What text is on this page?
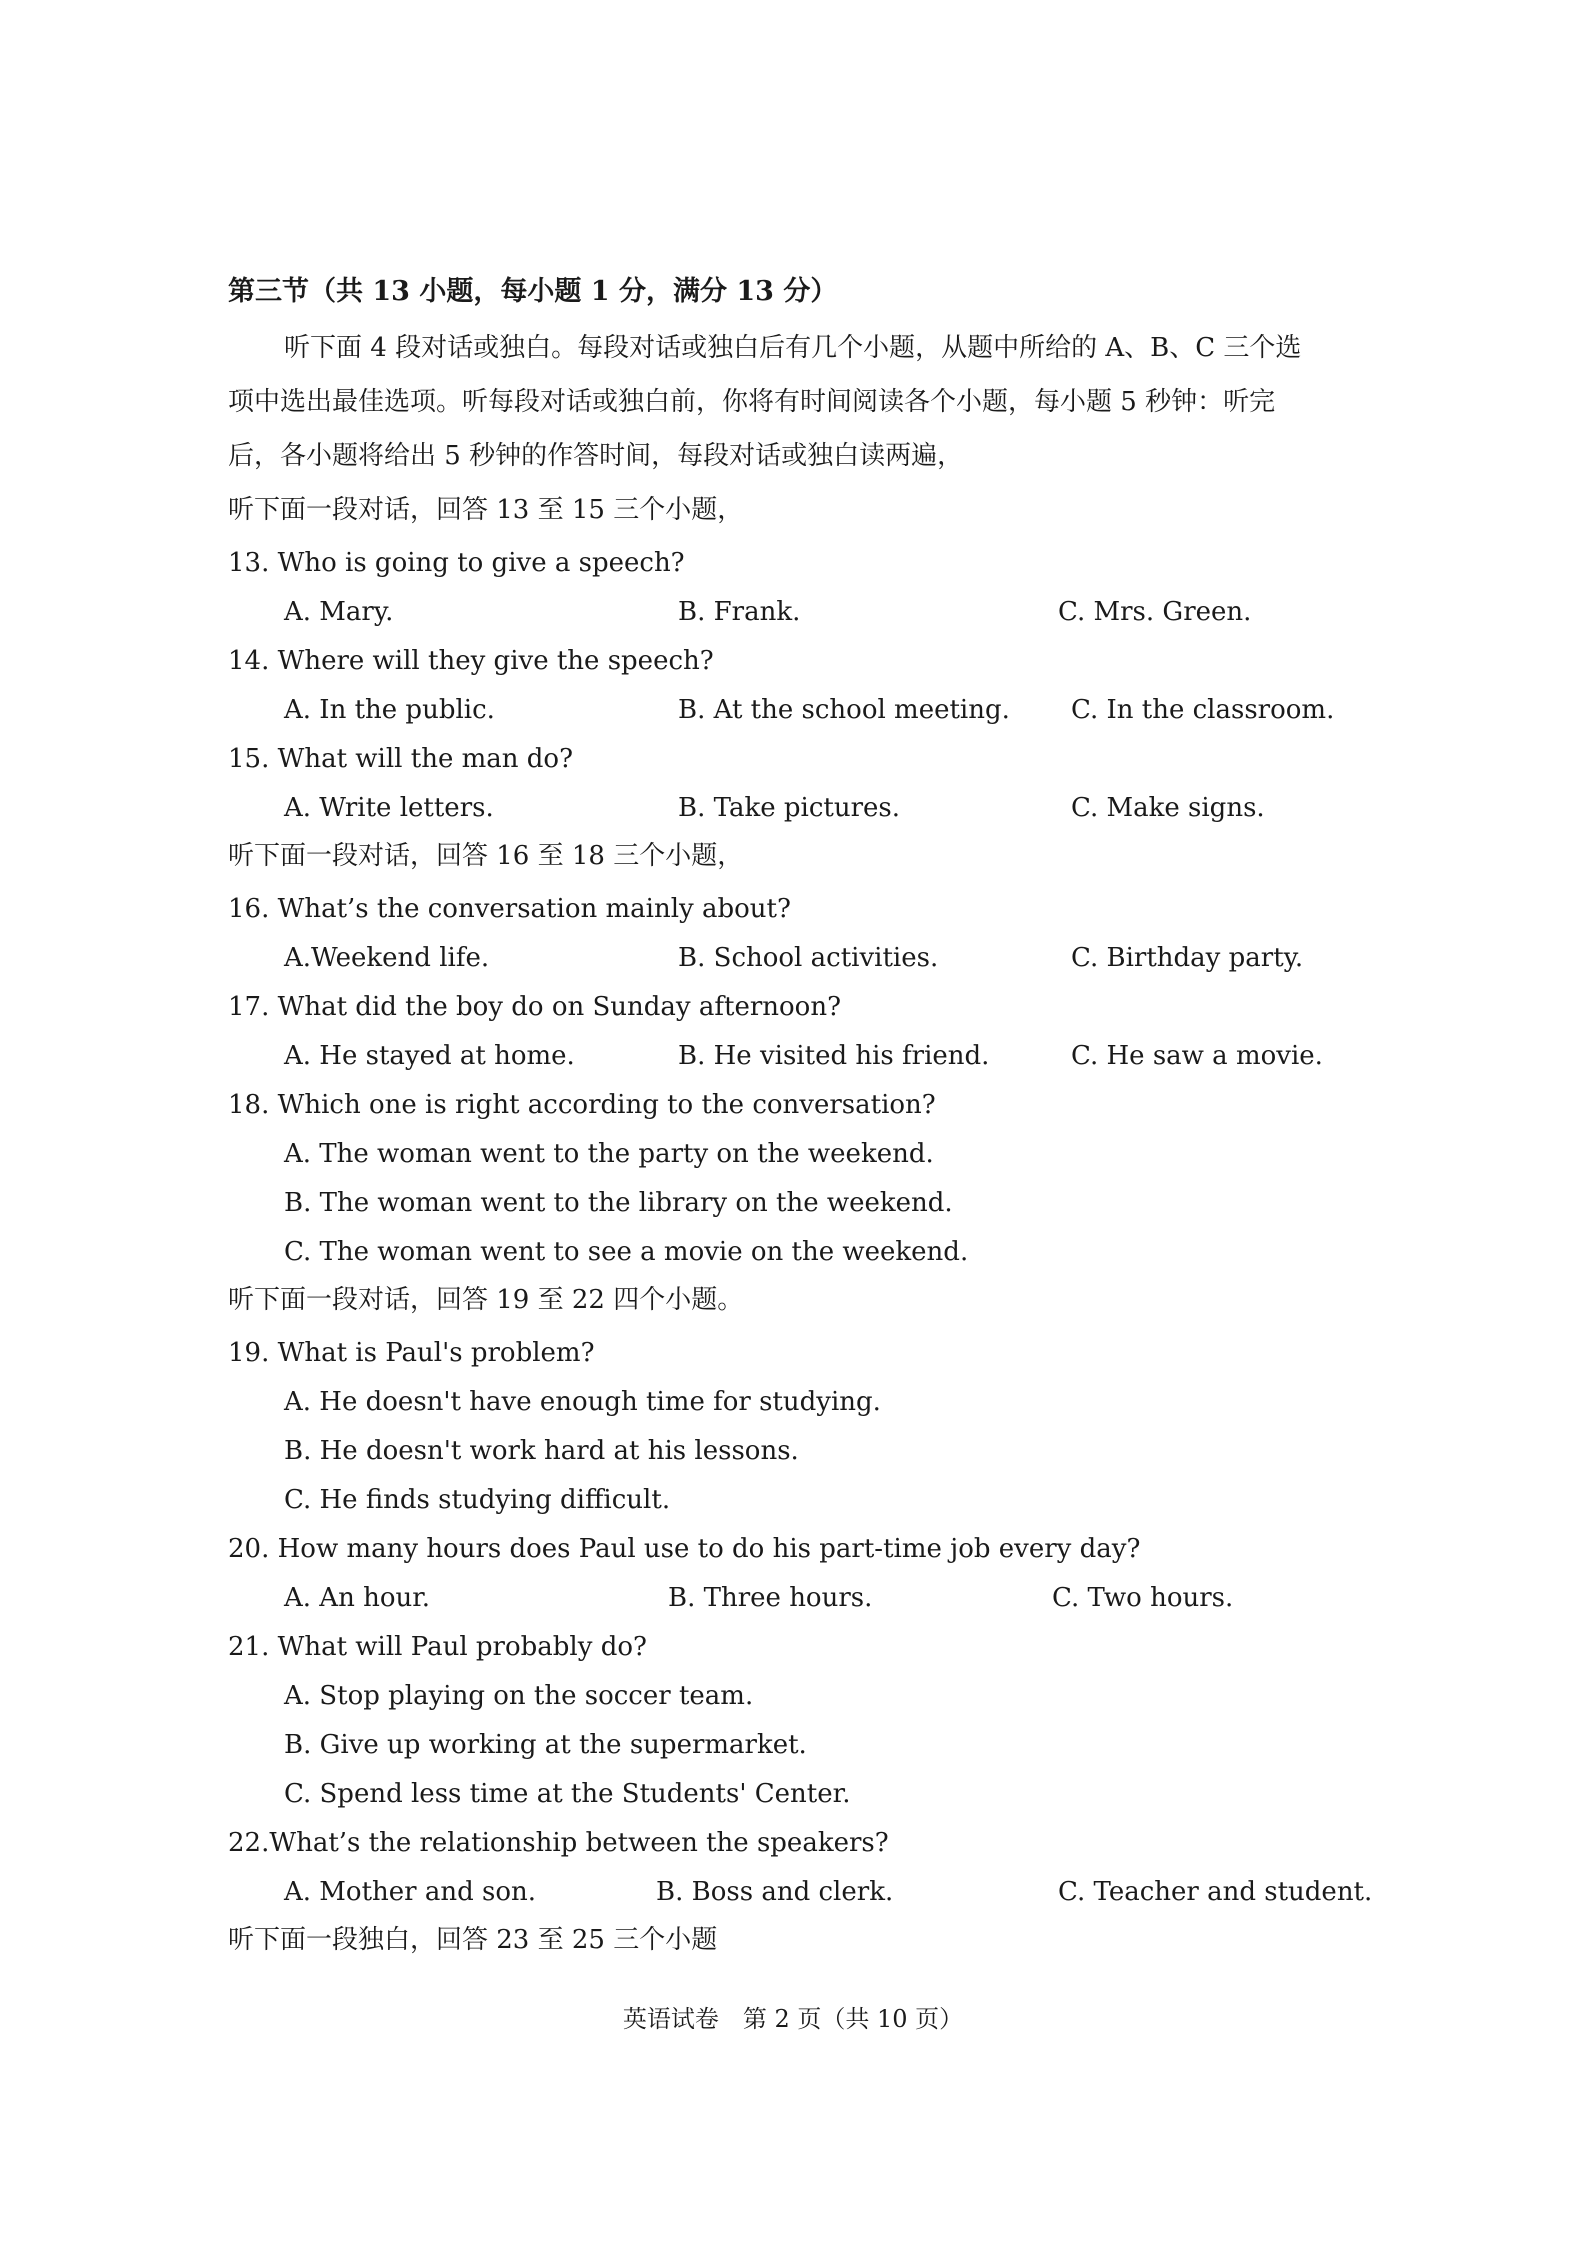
第三节（共 13 小题，每小题 1 分，满分 13 分）
听下面 4 段对话或独白。每段对话或独白后有几个小题，从题中所给的 A、B、C 三个选
项中选出最佳选项。听每段对话或独白前，你将有时间阅读各个小题，每小题 5 秒钟：听完
后，各小题将给出 5 秒钟的作答时间，每段对话或独白读两遍，
听下面一段对话，回答 13 至 15 三个小题，
13. Who is going to give a speech?
A. Mary.	B. Frank.	C. Mrs. Green.
14. Where will they give the speech?
A. In the public.	B. At the school meeting. C. In the classroom.
15. What will the man do?
A. Write letters.	B. Take pictures.	C. Make signs.
听下面一段对话，回答 16 至 18 三个小题，
16. What’s the conversation mainly about?
A.Weekend life.	B. School activities.	C. Birthday party.
17. What did the boy do on Sunday afternoon?
A. He stayed at home.	B. He visited his friend.	C. He saw a movie.
18. Which one is right according to the conversation?
A. The woman went to the party on the weekend.
B. The woman went to the library on the weekend.
C. The woman went to see a movie on the weekend.
听下面一段对话，回答 19 至 22 四个小题。
19. What is Paul's problem?
A. He doesn't have enough time for studying.
B. He doesn't work hard at his lessons.
C. He finds studying difficult.
20. How many hours does Paul use to do his part-time job every day?
A. An hour.	B. Three hours.	C. Two hours.
21. What will Paul probably do?
A. Stop playing on the soccer team.
B. Give up working at the supermarket.
C. Spend less time at the Students' Center.
22.What’s the relationship between the speakers?
A. Mother and son.	B. Boss and clerk.	C. Teacher and student.
听下面一段独白，回答 23 至 25 三个小题
英语试卷　第 2 页（共 10 页）
